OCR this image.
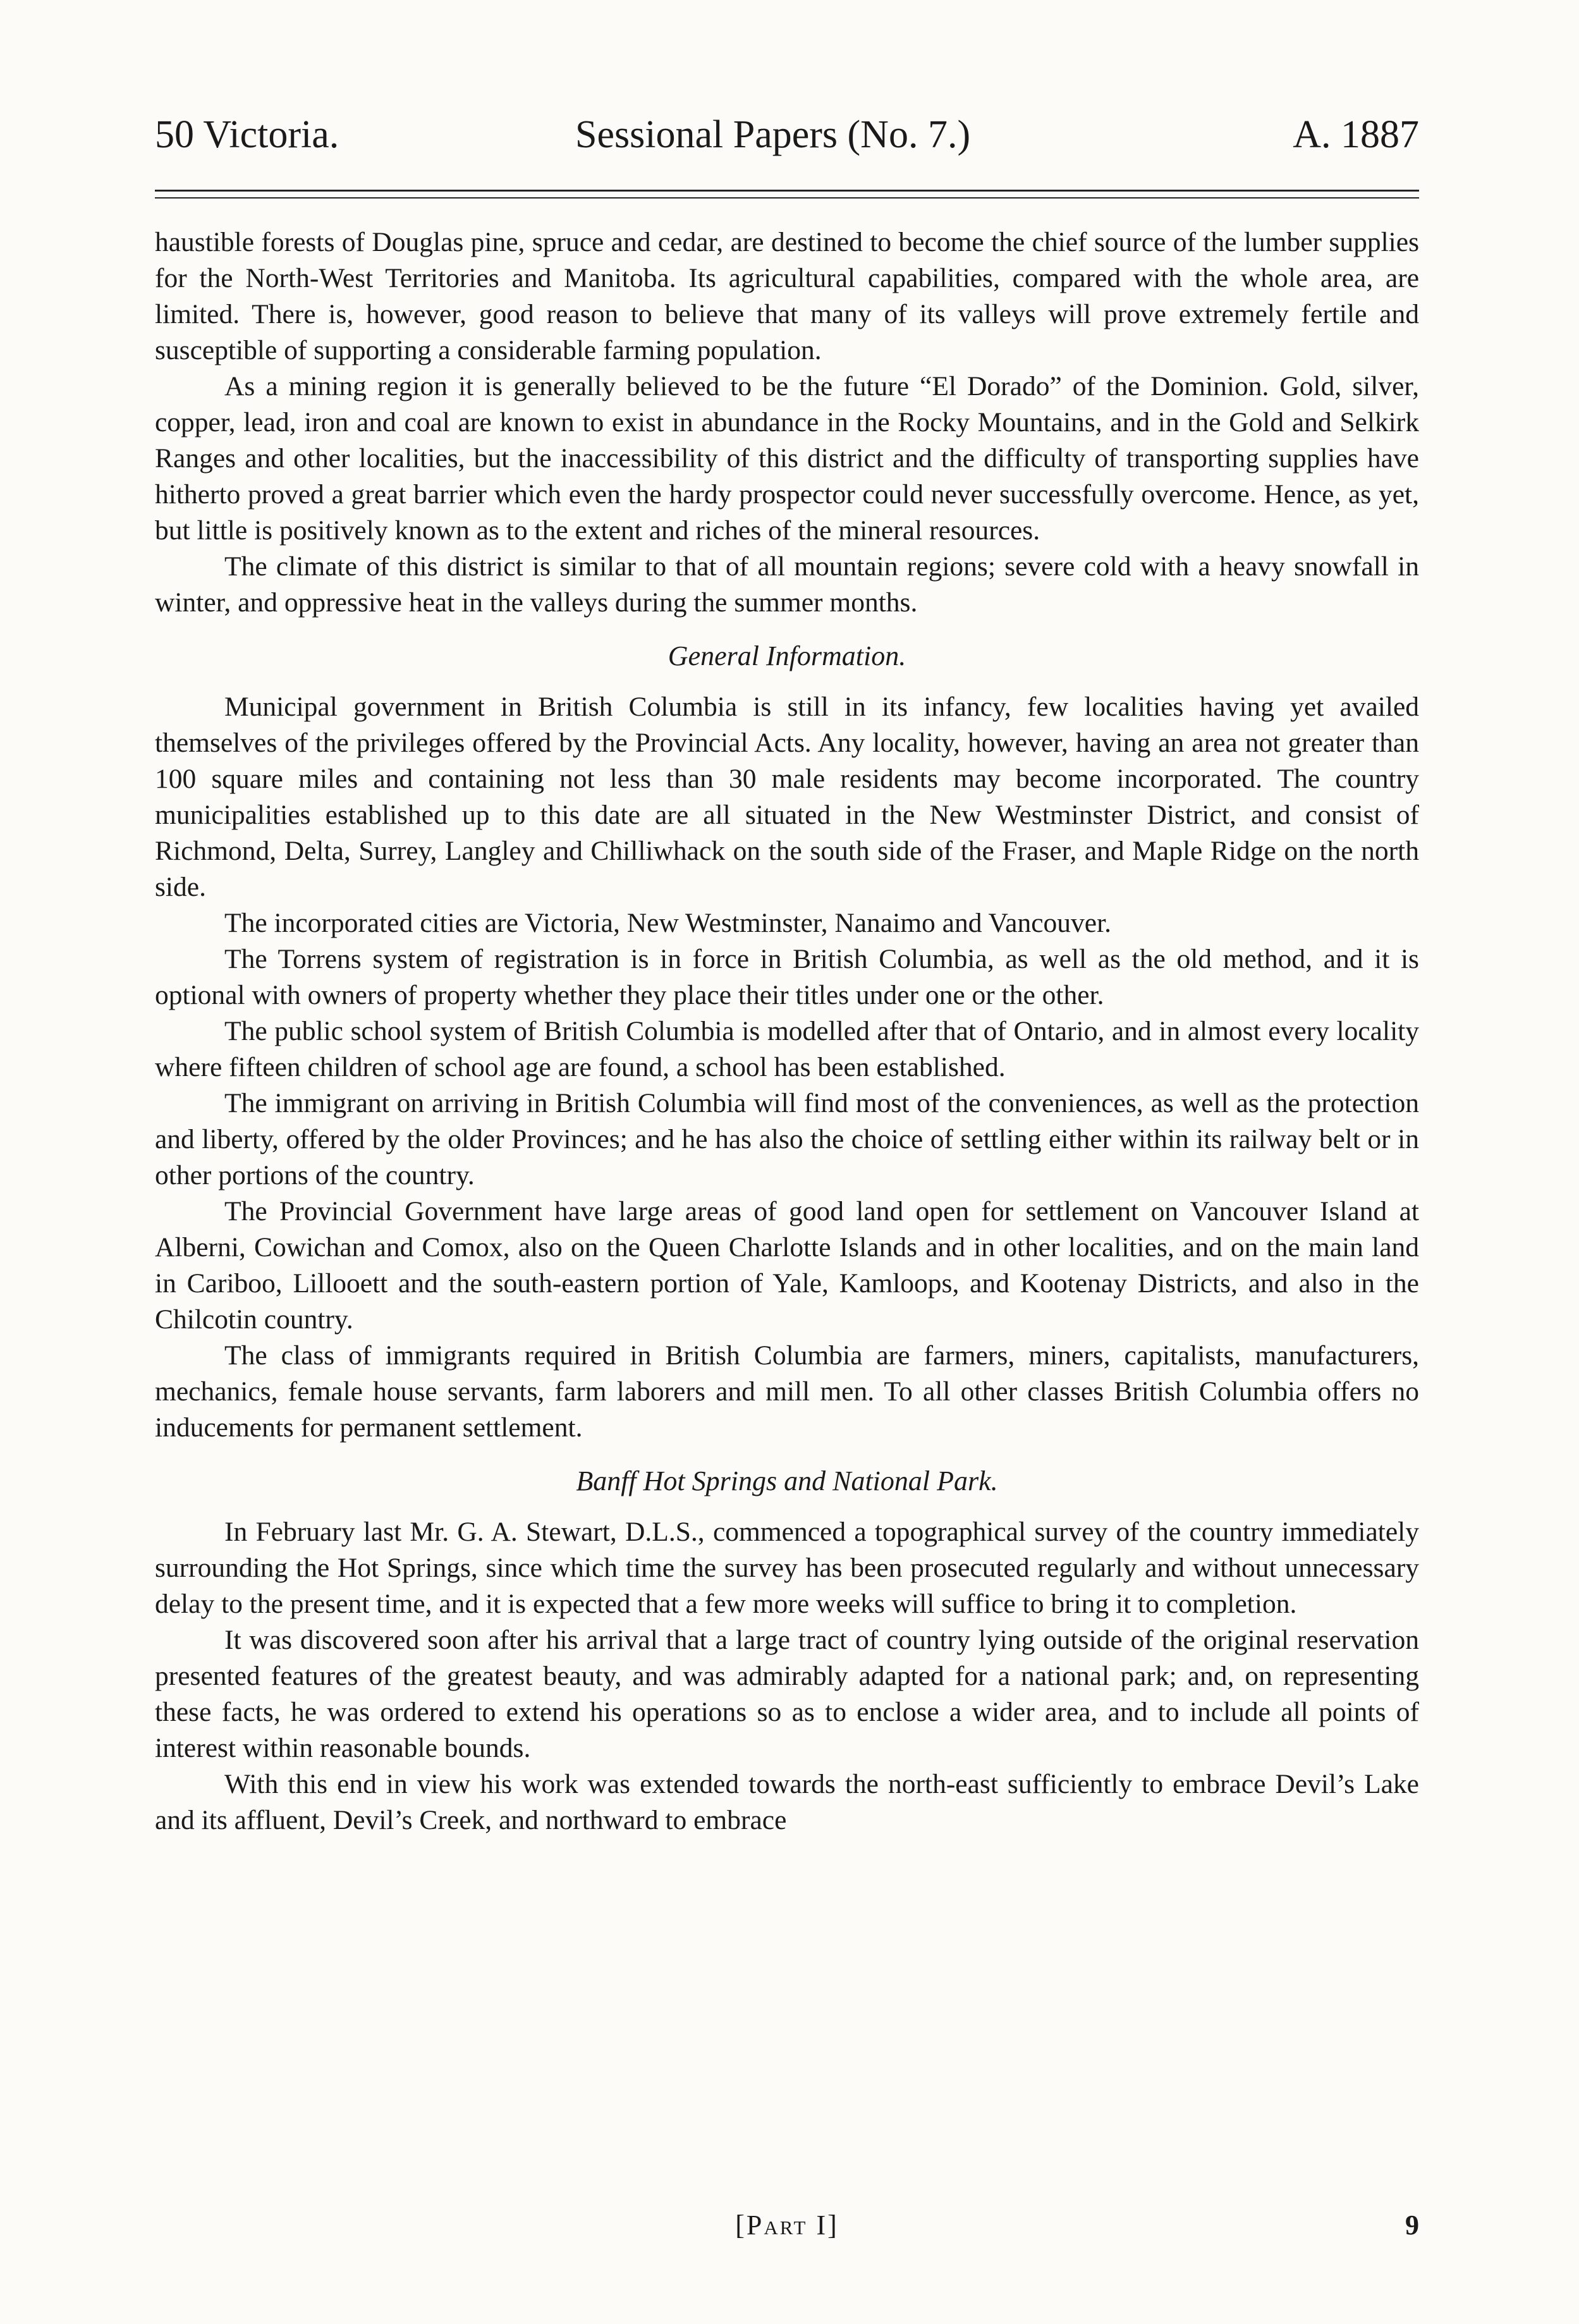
50 Victoria.	Sessional Papers (No. 7.)	A. 1887

haustible forests of Douglas pine, spruce and cedar, are destined to become the chief source of the lumber supplies for the North-West Territories and Manitoba. Its agricultural capabilities, compared with the whole area, are limited. There is, however, good reason to believe that many of its valleys will prove extremely fertile and susceptible of supporting a considerable farming population.

As a mining region it is generally believed to be the future “El Dorado” of the Dominion. Gold, silver, copper, lead, iron and coal are known to exist in abundance in the Rocky Mountains, and in the Gold and Selkirk Ranges and other localities, but the inaccessibility of this district and the difficulty of transporting supplies have hitherto proved a great barrier which even the hardy prospector could never successfully overcome. Hence, as yet, but little is positively known as to the extent and riches of the mineral resources.

The climate of this district is similar to that of all mountain regions; severe cold with a heavy snowfall in winter, and oppressive heat in the valleys during the summer months.

General Information.

Municipal government in British Columbia is still in its infancy, few localities having yet availed themselves of the privileges offered by the Provincial Acts. Any locality, however, having an area not greater than 100 square miles and containing not less than 30 male residents may become incorporated. The country municipalities established up to this date are all situated in the New Westminster District, and consist of Richmond, Delta, Surrey, Langley and Chilliwhack on the south side of the Fraser, and Maple Ridge on the north side.

The incorporated cities are Victoria, New Westminster, Nanaimo and Vancouver.

The Torrens system of registration is in force in British Columbia, as well as the old method, and it is optional with owners of property whether they place their titles under one or the other.

The public school system of British Columbia is modelled after that of Ontario, and in almost every locality where fifteen children of school age are found, a school has been established.

The immigrant on arriving in British Columbia will find most of the conveniences, as well as the protection and liberty, offered by the older Provinces; and he has also the choice of settling either within its railway belt or in other portions of the country.

The Provincial Government have large areas of good land open for settlement on Vancouver Island at Alberni, Cowichan and Comox, also on the Queen Charlotte Islands and in other localities, and on the main land in Cariboo, Lillooett and the south-eastern portion of Yale, Kamloops, and Kootenay Districts, and also in the Chilcotin country.

The class of immigrants required in British Columbia are farmers, miners, capitalists, manufacturers, mechanics, female house servants, farm laborers and mill men. To all other classes British Columbia offers no inducements for permanent settlement.

Banff Hot Springs and National Park.

In February last Mr. G. A. Stewart, D.L.S., commenced a topographical survey of the country immediately surrounding the Hot Springs, since which time the survey has been prosecuted regularly and without unnecessary delay to the present time, and it is expected that a few more weeks will suffice to bring it to completion.

It was discovered soon after his arrival that a large tract of country lying outside of the original reservation presented features of the greatest beauty, and was admirably adapted for a national park; and, on representing these facts, he was ordered to extend his operations so as to enclose a wider area, and to include all points of interest within reasonable bounds.

With this end in view his work was extended towards the north-east sufficiently to embrace Devil’s Lake and its affluent, Devil’s Creek, and northward to embrace

[Part I]	9
